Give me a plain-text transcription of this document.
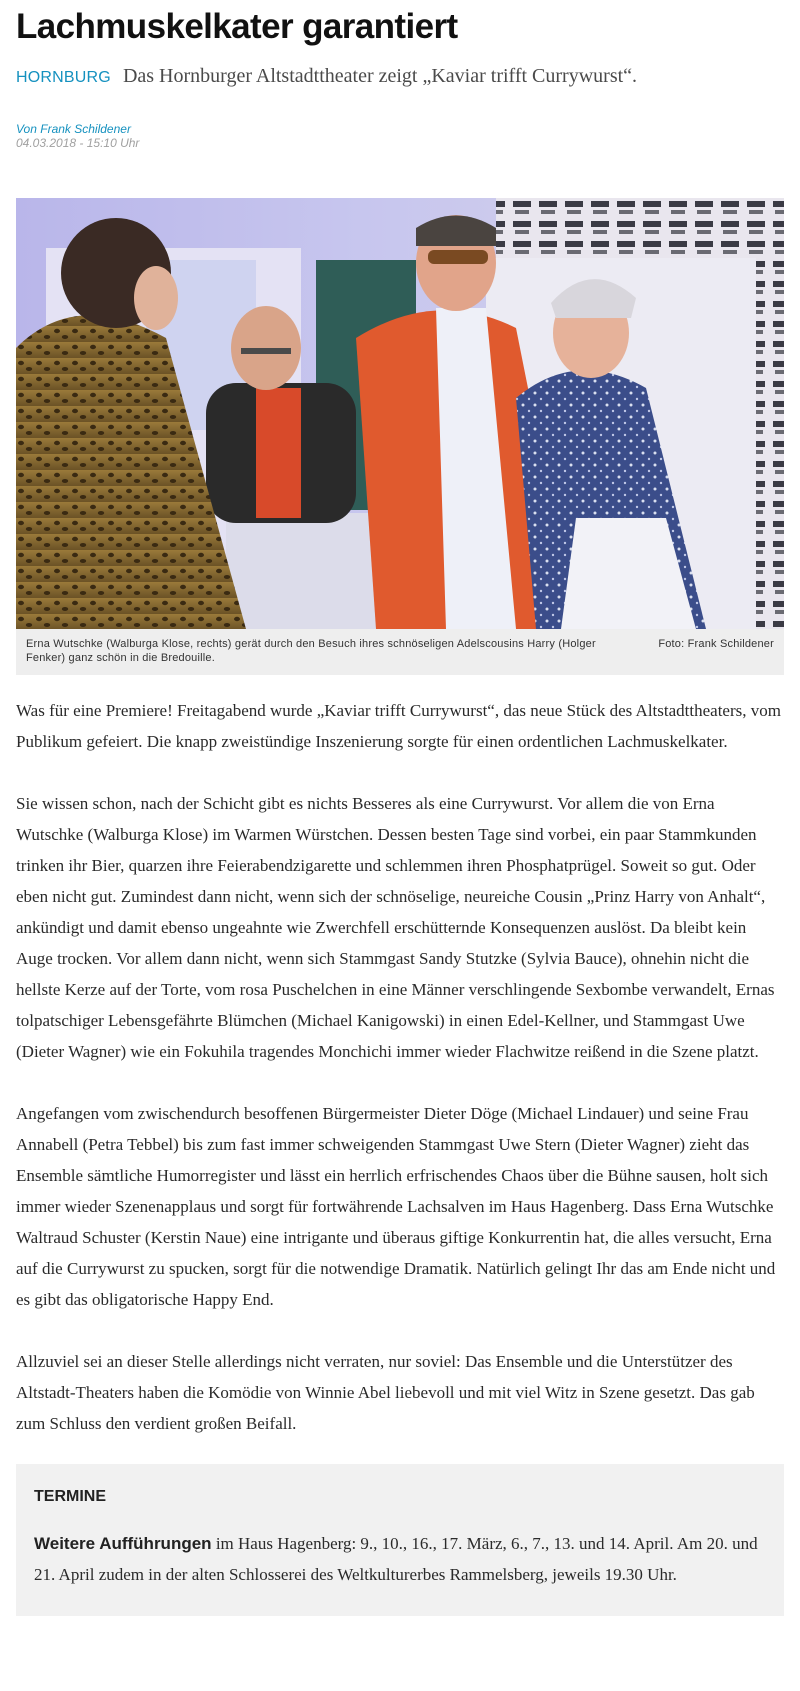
Lachmuskelkater garantiert
HORNBURG Das Hornburger Altstadttheater zeigt „Kaviar trifft Currywurst“.
Von Frank Schildener
04.03.2018 - 15:10 Uhr
Erna Wutschke (Walburga Klose, rechts) gerät durch den Besuch ihres schnöseligen Adelscousins Harry (Holger Fenker) ganz schön in die Bredouille.
Foto: Frank Schildener

Was für eine Premiere! Freitagabend wurde „Kaviar trifft Currywurst“, das neue Stück des Altstadttheaters, vom Publikum gefeiert. Die knapp zweistündige Inszenierung sorgte für einen ordentlichen Lachmuskelkater.

Sie wissen schon, nach der Schicht gibt es nichts Besseres als eine Currywurst. Vor allem die von Erna Wutschke (Walburga Klose) im Warmen Würstchen. Dessen besten Tage sind vorbei, ein paar Stammkunden trinken ihr Bier, quarzen ihre Feierabendzigarette und schlemmen ihren Phosphatprügel. Soweit so gut. Oder eben nicht gut. Zumindest dann nicht, wenn sich der schnöselige, neureiche Cousin „Prinz Harry von Anhalt“, ankündigt und damit ebenso ungeahnte wie Zwerchfell erschütternde Konsequenzen auslöst. Da bleibt kein Auge trocken. Vor allem dann nicht, wenn sich Stammgast Sandy Stutzke (Sylvia Bauce), ohnehin nicht die hellste Kerze auf der Torte, vom rosa Puschelchen in eine Männer verschlingende Sexbombe verwandelt, Ernas tolpatschiger Lebensgefährte Blümchen (Michael Kanigowski) in einen Edel-Kellner, und Stammgast Uwe (Dieter Wagner) wie ein Fokuhila tragendes Monchichi immer wieder Flachwitze reißend in die Szene platzt.

Angefangen vom zwischendurch besoffenen Bürgermeister Dieter Döge (Michael Lindauer) und seine Frau Annabell (Petra Tebbel) bis zum fast immer schweigenden Stammgast Uwe Stern (Dieter Wagner) zieht das Ensemble sämtliche Humorregister und lässt ein herrlich erfrischendes Chaos über die Bühne sausen, holt sich immer wieder Szenenapplaus und sorgt für fortwährende Lachsalven im Haus Hagenberg. Dass Erna Wutschke Waltraud Schuster (Kerstin Naue) eine intrigante und überaus giftige Konkurrentin hat, die alles versucht, Erna auf die Currywurst zu spucken, sorgt für die notwendige Dramatik. Natürlich gelingt Ihr das am Ende nicht und es gibt das obligatorische Happy End.

Allzuviel sei an dieser Stelle allerdings nicht verraten, nur soviel: Das Ensemble und die Unterstützer des Altstadt-Theaters haben die Komödie von Winnie Abel liebevoll und mit viel Witz in Szene gesetzt. Das gab zum Schluss den verdient großen Beifall.

TERMINE

Weitere Aufführungen im Haus Hagenberg: 9., 10., 16., 17. März, 6., 7., 13. und 14. April. Am 20. und 21. April zudem in der alten Schlosserei des Weltkulturerbes Rammelsberg, jeweils 19.30 Uhr.
